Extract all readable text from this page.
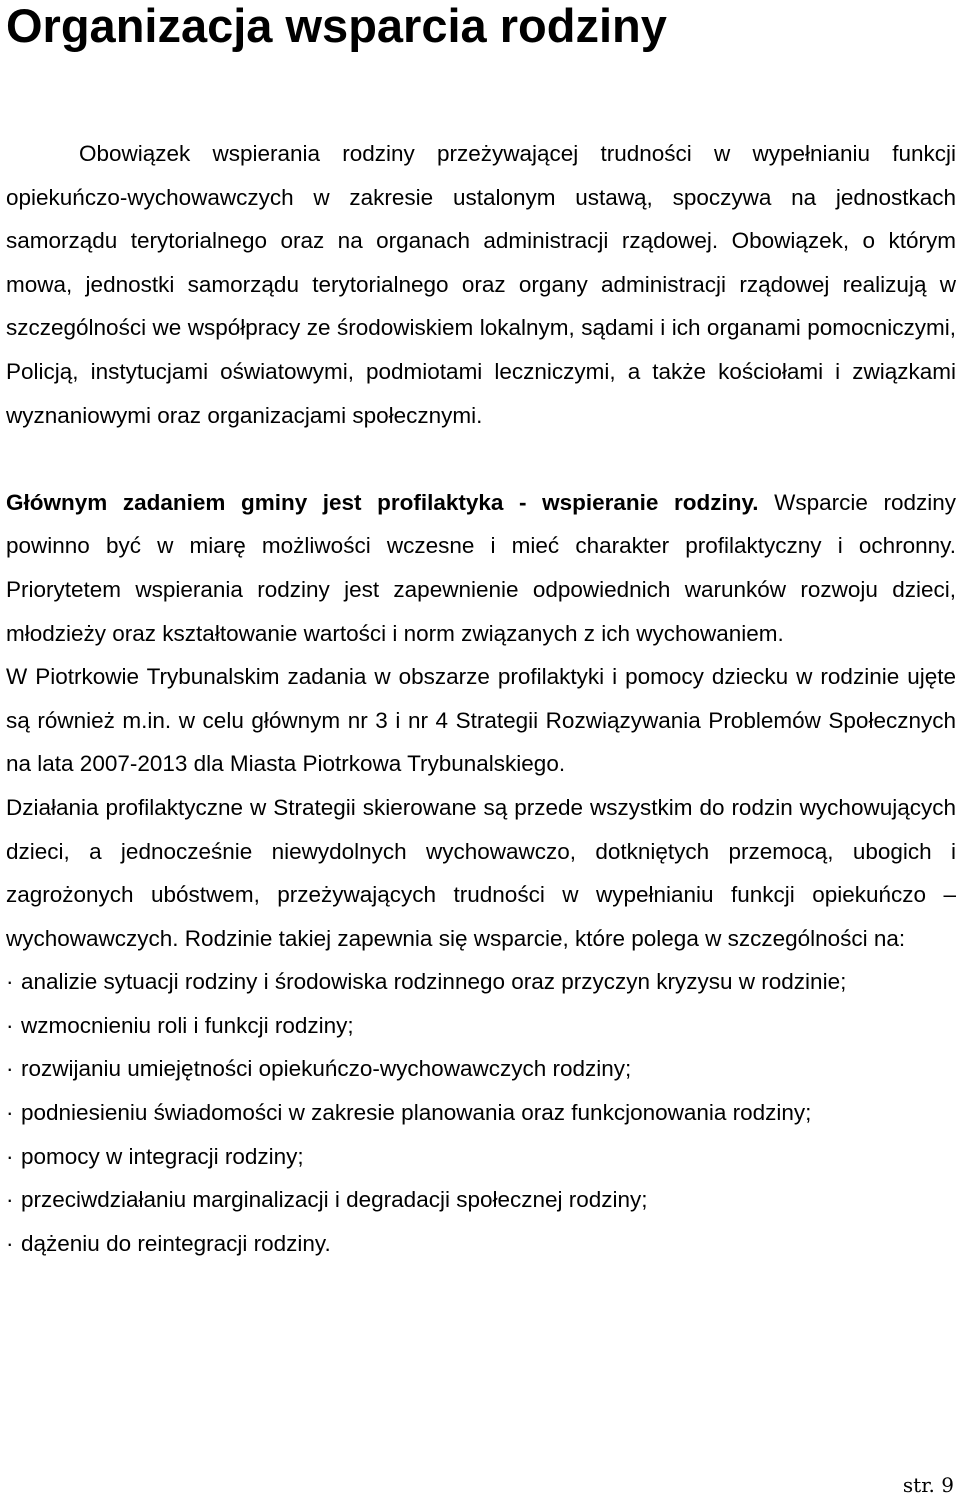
Organizacja wsparcia rodziny

Obowiązek wspierania rodziny przeżywającej trudności w wypełnianiu funkcji opiekuńczo-wychowawczych w zakresie ustalonym ustawą, spoczywa na jednostkach samorządu terytorialnego oraz na organach administracji rządowej. Obowiązek, o którym mowa, jednostki samorządu terytorialnego oraz organy administracji rządowej realizują w szczególności we współpracy ze środowiskiem lokalnym, sądami i ich organami pomocniczymi, Policją, instytucjami oświatowymi, podmiotami leczniczymi, a także kościołami i związkami wyznaniowymi oraz organizacjami społecznymi.

Głównym zadaniem gminy jest profilaktyka - wspieranie rodziny. Wsparcie rodziny powinno być w miarę możliwości wczesne i mieć charakter profilaktyczny i ochronny. Priorytetem wspierania rodziny jest zapewnienie odpowiednich warunków rozwoju dzieci, młodzieży oraz kształtowanie wartości i norm związanych z ich wychowaniem.

W Piotrkowie Trybunalskim zadania w obszarze profilaktyki i pomocy dziecku w rodzinie ujęte są również m.in. w celu głównym nr 3 i nr 4 Strategii Rozwiązywania Problemów Społecznych na lata 2007-2013 dla Miasta Piotrkowa Trybunalskiego.

Działania profilaktyczne w Strategii skierowane są przede wszystkim do rodzin wychowujących dzieci, a jednocześnie niewydolnych wychowawczo, dotkniętych przemocą, ubogich i zagrożonych ubóstwem, przeżywających trudności w wypełnianiu funkcji opiekuńczo – wychowawczych. Rodzinie takiej zapewnia się wsparcie, które polega w szczególności na:

· analizie sytuacji rodziny i środowiska rodzinnego oraz przyczyn kryzysu w rodzinie;
· wzmocnieniu roli i funkcji rodziny;
· rozwijaniu umiejętności opiekuńczo-wychowawczych rodziny;
· podniesieniu świadomości w zakresie planowania oraz funkcjonowania rodziny;
· pomocy w integracji rodziny;
· przeciwdziałaniu marginalizacji i degradacji społecznej rodziny;
· dążeniu do reintegracji rodziny.
str. 9
